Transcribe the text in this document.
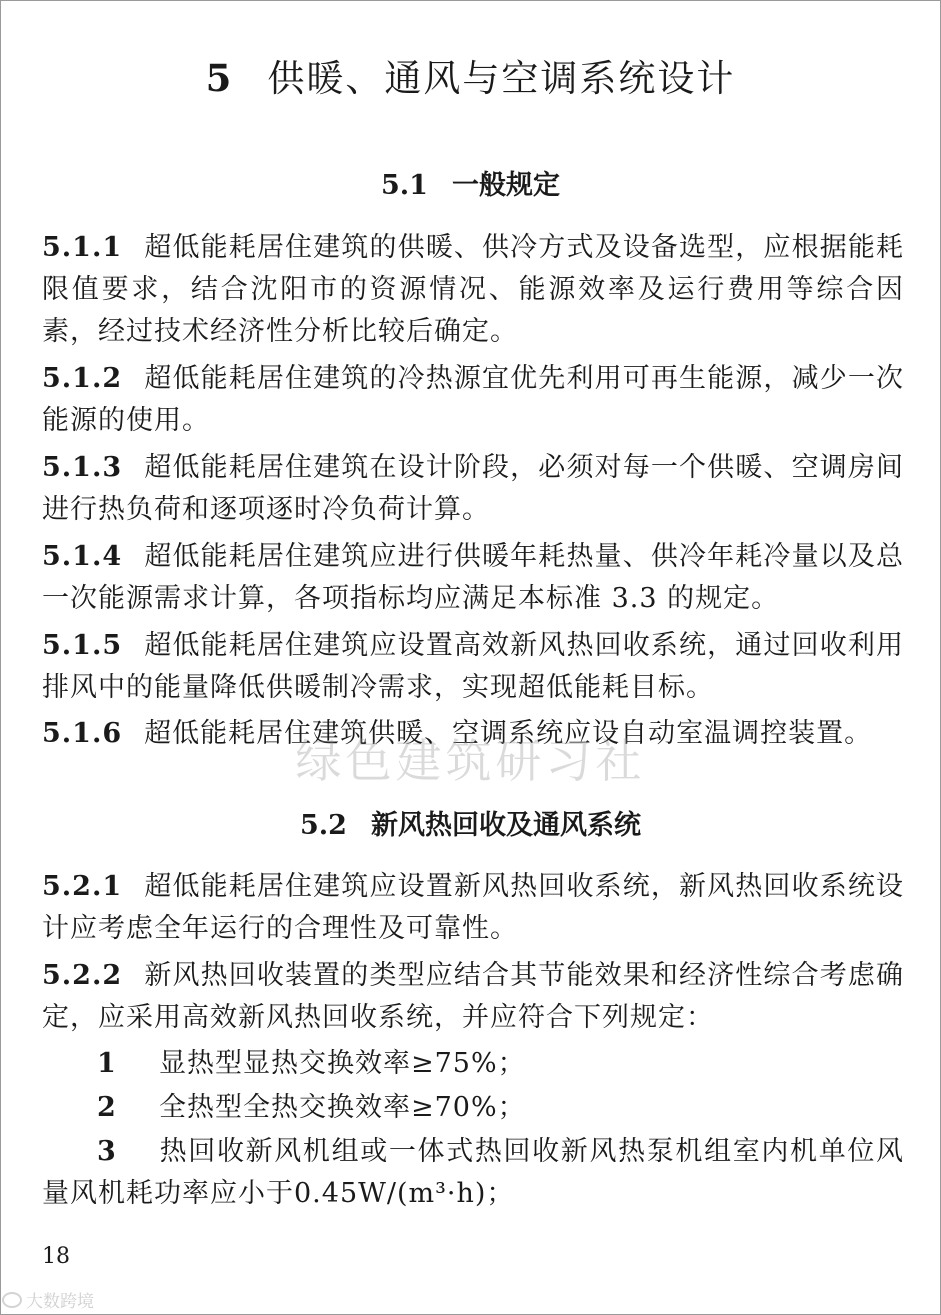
5 供暖、通风与空调系统设计
5.1 一般规定
5.1.1 超低能耗居住建筑的供暖、供冷方式及设备选型，应根据能耗限值要求，结合沈阳市的资源情况、能源效率及运行费用等综合因素，经过技术经济性分析比较后确定。
5.1.2 超低能耗居住建筑的冷热源宜优先利用可再生能源，减少一次能源的使用。
5.1.3 超低能耗居住建筑在设计阶段，必须对每一个供暖、空调房间进行热负荷和逐项逐时冷负荷计算。
5.1.4 超低能耗居住建筑应进行供暖年耗热量、供冷年耗冷量以及总一次能源需求计算，各项指标均应满足本标准 3.3 的规定。
5.1.5 超低能耗居住建筑应设置高效新风热回收系统，通过回收利用排风中的能量降低供暖制冷需求，实现超低能耗目标。
5.1.6 超低能耗居住建筑供暖、空调系统应设自动室温调控装置。
绿色建筑研习社
5.2 新风热回收及通风系统
5.2.1 超低能耗居住建筑应设置新风热回收系统，新风热回收系统设计应考虑全年运行的合理性及可靠性。
5.2.2 新风热回收装置的类型应结合其节能效果和经济性综合考虑确定，应采用高效新风热回收系统，并应符合下列规定：
1 显热型显热交换效率≥75%；
2 全热型全热交换效率≥70%；
3 热回收新风机组或一体式热回收新风热泵机组室内机单位风量风机耗功率应小于0.45W/(m³·h)；
18
大数跨境
